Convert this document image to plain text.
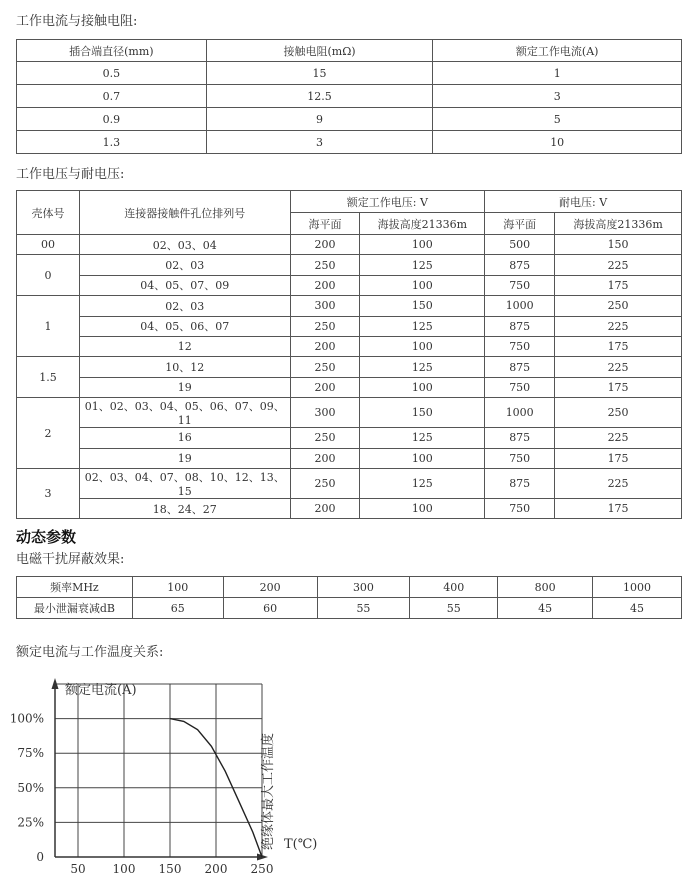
工作电流与接触电阻:
插合端直径(mm)	接触电阻(mΩ)	额定工作电流(A)
0.5	15	1
0.7	12.5	3
0.9	9	5
1.3	3	10
工作电压与耐电压:
壳体号	连接器接触件孔位排列号	额定工作电压: V		耐电压: V	
		海平面	海拔高度21336m	海平面	海拔高度21336m
00	02、03、04	200	100	500	150
0	02、03	250	125	875	225
	04、05、07、09	200	100	750	175
1	02、03	300	150	1000	250
	04、05、06、07	250	125	875	225
	12	200	100	750	175
1.5	10、12	250	125	875	225
	19	200	100	750	175
2	01、02、03、04、05、06、07、09、11	300	150	1000	250
	16	250	125	875	225
	19	200	100	750	175
3	02、03、04、07、08、10、12、13、15	250	125	875	225
	18、24、27	200	100	750	175
动态参数
电磁干扰屏蔽效果:
频率MHz	100	200	300	400	800	1000
最小泄漏衰减dB	65	60	55	55	45	45
额定电流与工作温度关系:
50 100 150 200 250
0
25%
50%
75%
100%
额定电流(A)
T(℃)
绝缘体最大工作温度
